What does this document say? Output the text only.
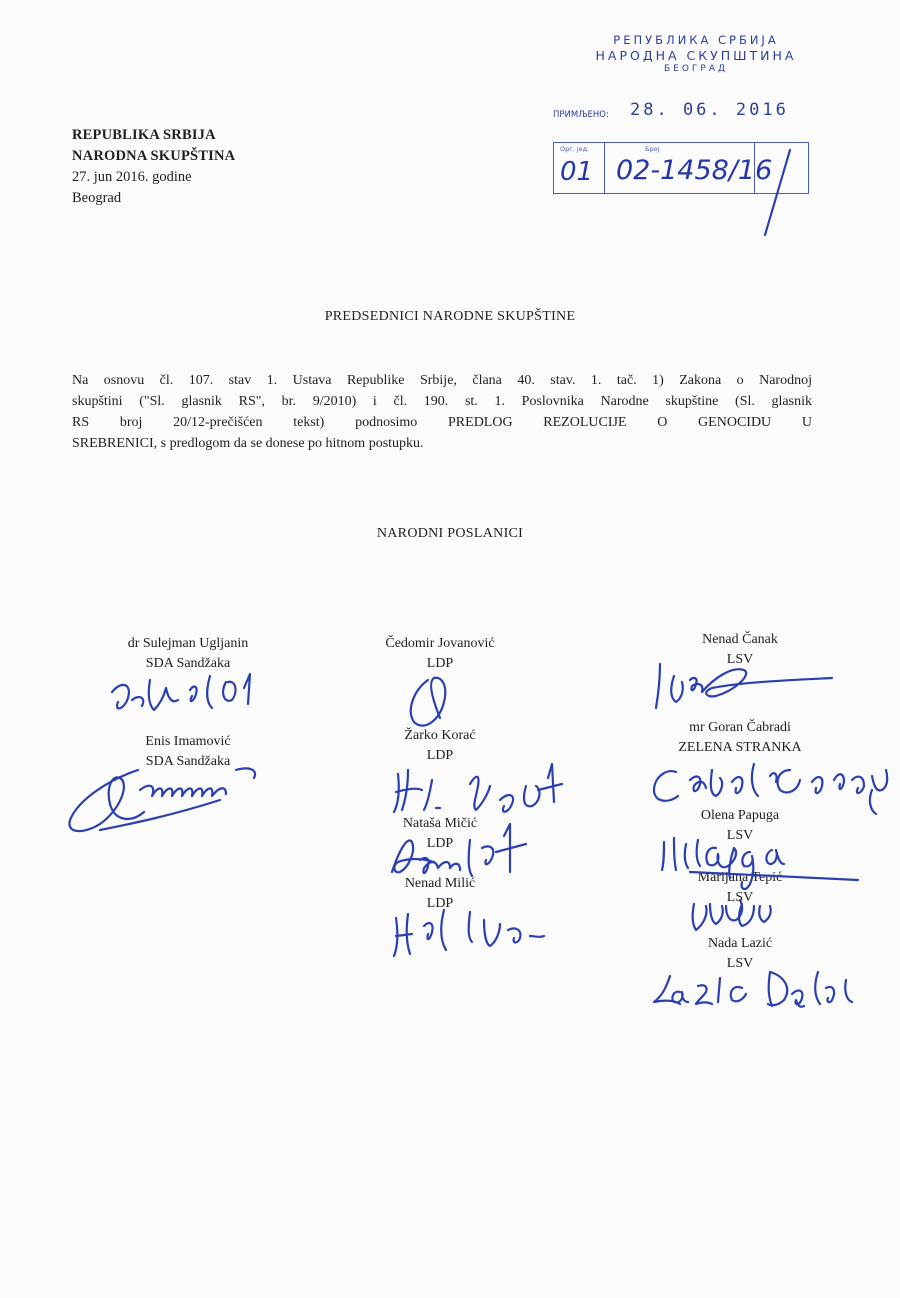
REPUBLIKA SRBIJA
NARODNA SKUPŠTINA
27. jun 2016. godine
Beograd
РЕПУБЛИКА СРБИЈА
НАРОДНА СКУПШТИНА
БЕОГРАД
ПРИМЉЕНО: 28. 06. 2016
Орг. јед.	Број
01 02-1458/16
PREDSEDNICI NARODNE SKUPŠTINE
Na osnovu čl. 107. stav 1. Ustava Republike Srbije, člana 40. stav. 1. tač. 1) Zakona o Narodnoj
skupštini ("Sl. glasnik RS", br. 9/2010) i čl. 190. st. 1. Poslovnika Narodne skupštine (Sl. glasnik
RS broj 20/12-prečišćen tekst) podnosimo PREDLOG REZOLUCIJE O GENOCIDU U
SREBRENICI, s predlogom da se donese po hitnom postupku.
NARODNI POSLANICI
dr Sulejman Ugljanin
SDA Sandžaka
Enis Imamović
SDA Sandžaka
Čedomir Jovanović
LDP
Žarko Korać
LDP
Nataša Mičić
LDP
Nenad Milić
LDP
Nenad Čanak
LSV
mr Goran Čabradi
ZELENA STRANKA
Olena Papuga
LSV
Marijana Tepić
LSV
Nada Lazić
LSV
